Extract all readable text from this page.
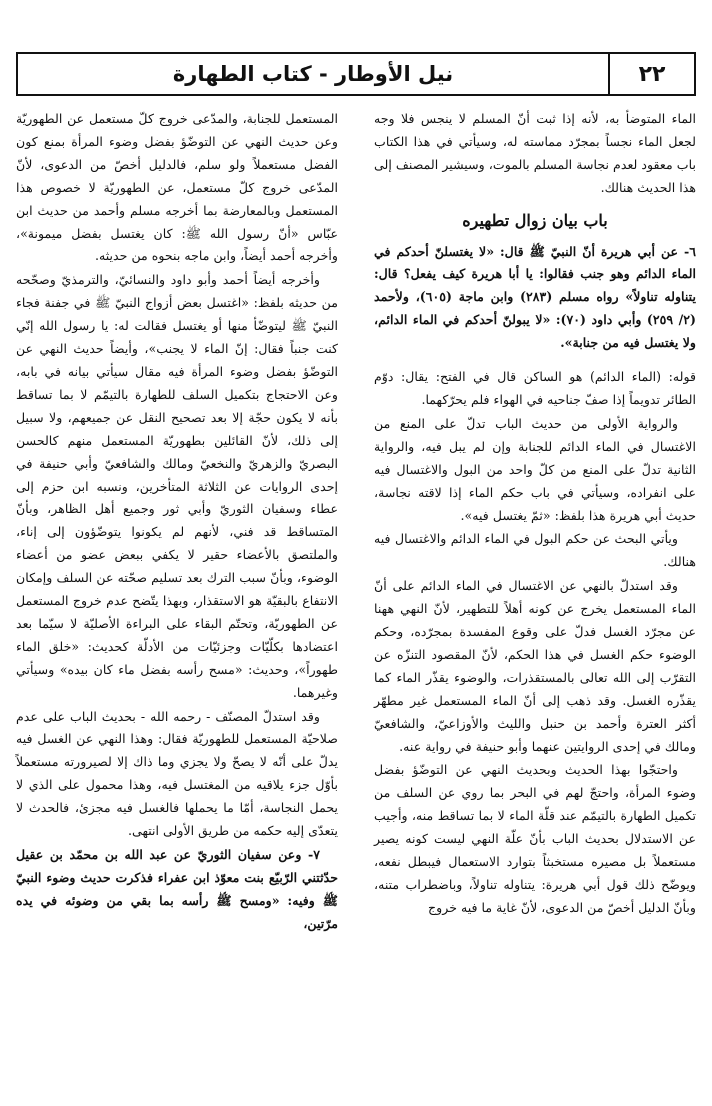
نيل الأوطار - كتاب الطهارة	٢٢

الماء المتوضأ به، لأنه إذا ثبت أنّ المسلم لا ينجس فلا وجه لجعل الماء نجساً بمجرّد مماسته له، وسيأتي في هذا الكتاب باب معقود لعدم نجاسة المسلم بالموت، وسيشير المصنف إلى هذا الحديث هنالك.

باب بيان زوال تطهيره

٦- عن أبي هريرة أنّ النبيّ ﷺ قال: «لا يغتسلنّ أحدكم في الماء الدائم وهو جنب فقالوا: يا أبا هريرة كيف يفعل؟ قال: يتناوله تناولاً» رواه مسلم (٢٨٣) وابن ماجة (٦٠٥)، ولأحمد (٢/ ٢٥٩) وأبي داود (٧٠): «لا يبولنّ أحدكم في الماء الدائم، ولا يغتسل فيه من جنابة».

قوله: (الماء الدائم) هو الساكن قال في الفتح: يقال: دوّم الطائر تدويماً إذا صفّ جناحيه في الهواء فلم يحرّكهما.

والرواية الأولى من حديث الباب تدلّ على المنع من الاغتسال في الماء الدائم للجنابة وإن لم يبل فيه، والرواية الثانية تدلّ على المنع من كلّ واحد من البول والاغتسال فيه على انفراده، وسيأتي في باب حكم الماء إذا لاقته نجاسة، حديث أبي هريرة هذا بلفظ: «ثمّ يغتسل فيه».

ويأتي البحث عن حكم البول في الماء الدائم والاغتسال فيه هنالك.

وقد استدلّ بالنهي عن الاغتسال في الماء الدائم على أنّ الماء المستعمل يخرج عن كونه أهلاً للتطهير، لأنّ النهي ههنا عن مجرّد الغسل فدلّ على وقوع المفسدة بمجرّده، وحكم الوضوء حكم الغسل في هذا الحكم، لأنّ المقصود التنزّه عن التقرّب إلى الله تعالى بالمستقذرات، والوضوء يقذّر الماء كما يقذّره الغسل. وقد ذهب إلى أنّ الماء المستعمل غير مطهّر أكثر العترة وأحمد بن حنبل والليث والأوزاعيّ، والشافعيّ ومالك في إحدى الروايتين عنهما وأبو حنيفة في رواية عنه.

واحتجّوا بهذا الحديث وبحديث النهي عن التوضّؤ بفضل وضوء المرأة، واحتجّ لهم في البحر بما روي عن السلف من تكميل الطهارة بالتيمّم عند قلّة الماء لا بما تساقط منه، وأجيب عن الاستدلال بحديث الباب بأنّ علّة النهي ليست كونه يصير مستعملاً بل مصيره مستخبثاً بتوارد الاستعمال فيبطل نفعه، ويوضّح ذلك قول أبي هريرة: يتناوله تناولاً، وباضطراب متنه، وبأنّ الدليل أخصّ من الدعوى، لأنّ غاية ما فيه خروج

المستعمل للجنابة، والمدّعى خروج كلّ مستعمل عن الطهوريّة وعن حديث النهي عن التوضّؤ بفضل وضوء المرأة بمنع كون الفضل مستعملاً ولو سلم، فالدليل أخصّ من الدعوى، لأنّ المدّعى خروج كلّ مستعمل، عن الطهوريّة لا خصوص هذا المستعمل وبالمعارضة بما أخرجه مسلم وأحمد من حديث ابن عبّاس «أنّ رسول الله ﷺ: كان يغتسل بفضل ميمونة»، وأخرجه أحمد أيضاً، وابن ماجه بنحوه من حديثه.

وأخرجه أيضاً أحمد وأبو داود والنسائيّ، والترمذيّ وصحّحه من حديثه بلفظ: «اغتسل بعض أزواج النبيّ ﷺ في جفنة فجاء النبيّ ﷺ ليتوضّأ منها أو يغتسل فقالت له: يا رسول الله إنّي كنت جنباً فقال: إنّ الماء لا يجنب»، وأيضاً حديث النهي عن التوضّؤ بفضل وضوء المرأة فيه مقال سيأتي بيانه في بابه، وعن الاحتجاج بتكميل السلف للطهارة بالتيمّم لا بما تساقط بأنه لا يكون حجّة إلا بعد تصحيح النقل عن جميعهم، ولا سبيل إلى ذلك، لأنّ القائلين بطهوريّة المستعمل منهم كالحسن البصريّ والزهريّ والنخعيّ ومالك والشافعيّ وأبي حنيفة في إحدى الروايات عن الثلاثة المتأخرين، ونسبه ابن حزم إلى عطاء وسفيان الثوريّ وأبي ثور وجميع أهل الظاهر، وبأنّ المتساقط قد فني، لأنهم لم يكونوا يتوضّؤون إلى إناء، والملتصق بالأعضاء حقير لا يكفي ببعض عضو من أعضاء الوضوء، وبأنّ سبب الترك بعد تسليم صحّته عن السلف وإمكان الانتفاع بالبقيّة هو الاستقذار، وبهذا يتّضح عدم خروج المستعمل عن الطهوريّة، وتحتّم البقاء على البراءة الأصليّة لا سيّما بعد اعتضادها بكلّيّات وجزئيّات من الأدلّة كحديث: «خلق الماء طهوراً»، وحديث: «مسح رأسه بفضل ماء كان بيده» وسيأتي وغيرهما.

وقد استدلّ المصنّف - رحمه الله - بحديث الباب على عدم صلاحيّة المستعمل للطهوريّة فقال: وهذا النهي عن الغسل فيه يدلّ على أنّه لا يصحّ ولا يجزي وما ذاك إلا لصيرورته مستعملاً بأوّل جزء يلاقيه من المغتسل فيه، وهذا محمول على الذي لا يحمل النجاسة، أمّا ما يحملها فالغسل فيه مجزئ، فالحدث لا يتعدّى إليه حكمه من طريق الأولى انتهى.

٧- وعن سفيان الثوريّ عن عبد الله بن محمّد بن عقيل حدّثتني الرّبيّع بنت معوّذ ابن عفراء فذكرت حديث وضوء النبيّ ﷺ وفيه: «ومسح ﷺ رأسه بما بقي من وضوئه في يده مرّتين،
